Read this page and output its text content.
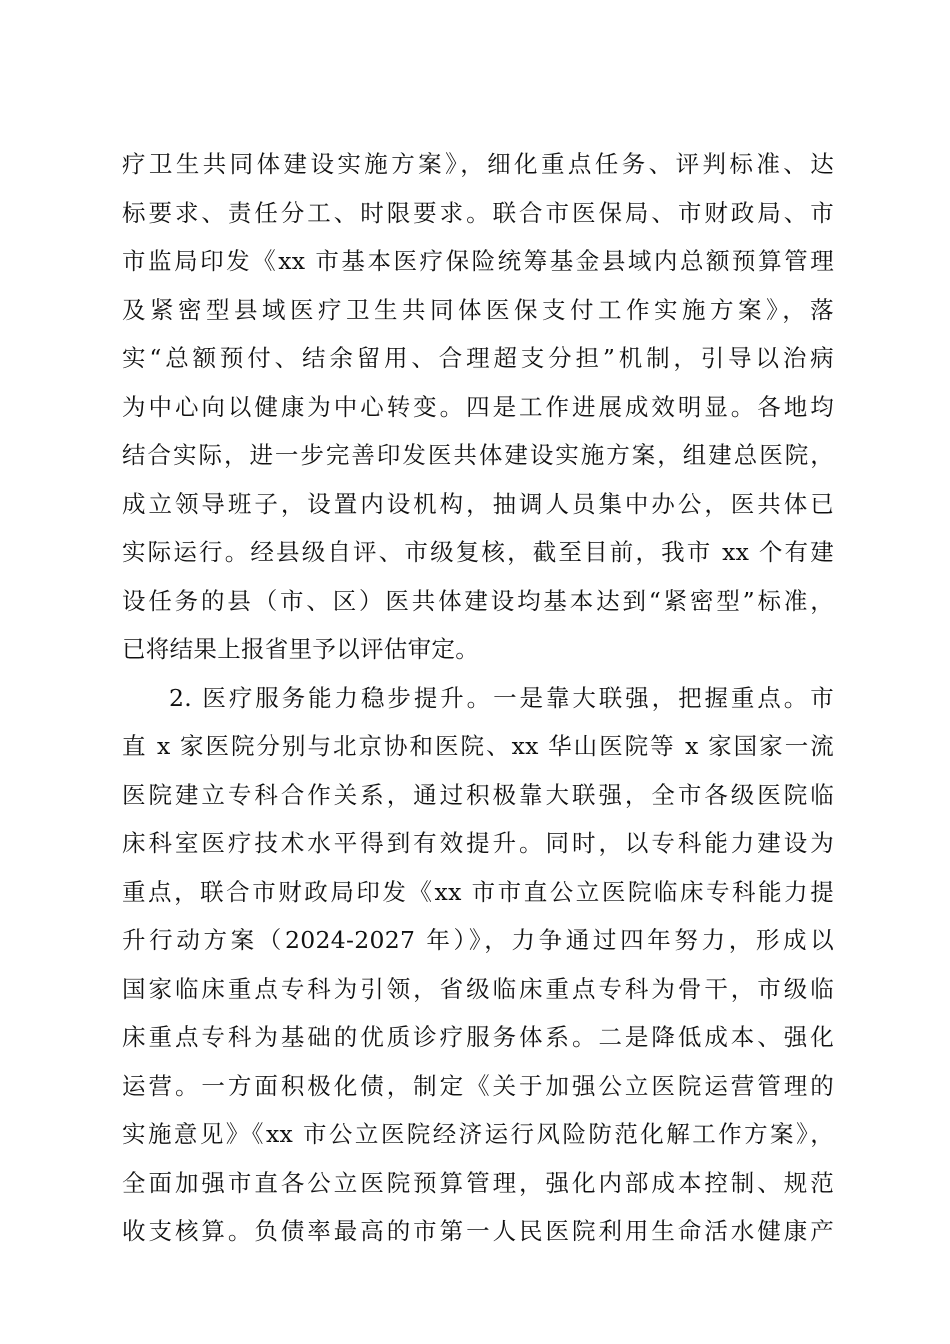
疗卫生共同体建设实施方案》，细化重点任务、评判标准、达
标要求、责任分工、时限要求。联合市医保局、市财政局、市
市监局印发《xx 市基本医疗保险统筹基金县域内总额预算管理
及紧密型县域医疗卫生共同体医保支付工作实施方案》，落
实“总额预付、结余留用、合理超支分担”机制，引导以治病
为中心向以健康为中心转变。四是工作进展成效明显。各地均
结合实际，进一步完善印发医共体建设实施方案，组建总医院，
成立领导班子，设置内设机构，抽调人员集中办公，医共体已
实际运行。经县级自评、市级复核，截至目前，我市 xx 个有建
设任务的县（市、区）医共体建设均基本达到“紧密型”标准，
已将结果上报省里予以评估审定。
2. 医疗服务能力稳步提升。一是靠大联强，把握重点。市
直 x 家医院分别与北京协和医院、xx 华山医院等 x 家国家一流
医院建立专科合作关系，通过积极靠大联强，全市各级医院临
床科室医疗技术水平得到有效提升。同时，以专科能力建设为
重点，联合市财政局印发《xx 市市直公立医院临床专科能力提
升行动方案（2024-2027 年）》，力争通过四年努力，形成以
国家临床重点专科为引领，省级临床重点专科为骨干，市级临
床重点专科为基础的优质诊疗服务体系。二是降低成本、强化
运营。一方面积极化债，制定《关于加强公立医院运营管理的
实施意见》《xx 市公立医院经济运行风险防范化解工作方案》，
全面加强市直各公立医院预算管理，强化内部成本控制、规范
收支核算。负债率最高的市第一人民医院利用生命活水健康产
